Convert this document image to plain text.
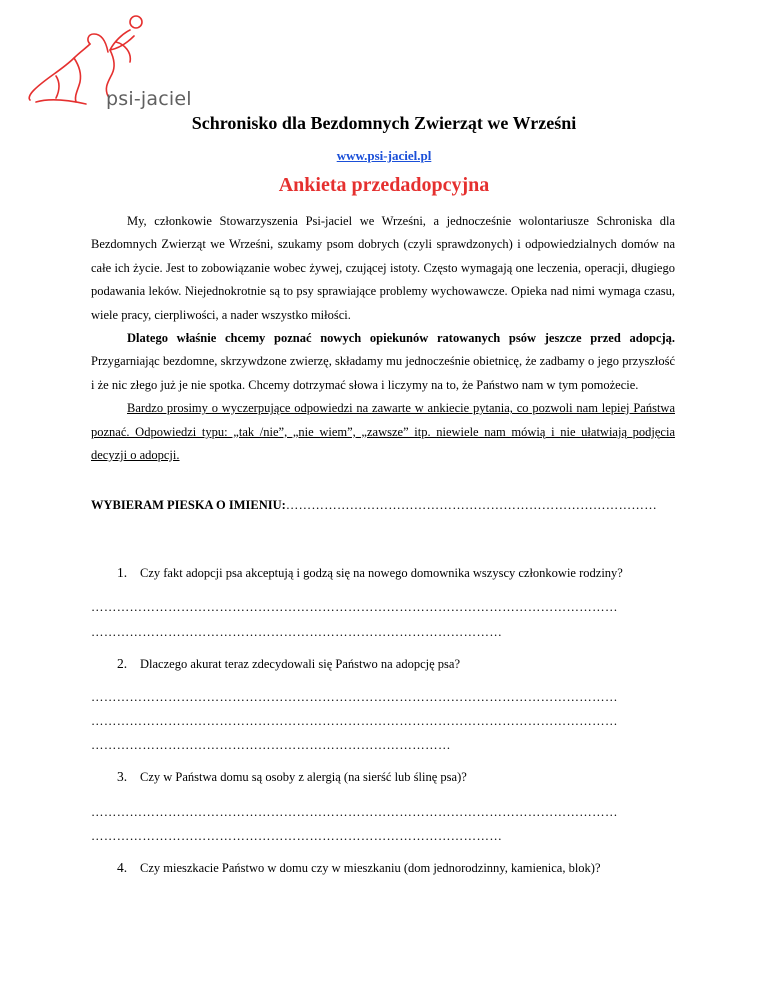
psi-jaciel
Schronisko dla Bezdomnych Zwierząt we Wrześni
www.psi-jaciel.pl
Ankieta przedadopcyjna

My, członkowie Stowarzyszenia Psi-jaciel we Wrześni, a jednocześnie wolontariusze Schroniska dla Bezdomnych Zwierząt we Wrześni, szukamy psom dobrych (czyli sprawdzonych) i odpowiedzialnych domów na całe ich życie. Jest to zobowiązanie wobec żywej, czującej istoty. Często wymagają one leczenia, operacji, długiego podawania leków. Niejednokrotnie są to psy sprawiające problemy wychowawcze. Opieka nad nimi wymaga czasu, wiele pracy, cierpliwości, a nader wszystko miłości.

Dlatego właśnie chcemy poznać nowych opiekunów ratowanych psów jeszcze przed adopcją. Przygarniając bezdomne, skrzywdzone zwierzę, składamy mu jednocześnie obietnicę, że zadbamy o jego przyszłość i że nic złego już je nie spotka. Chcemy dotrzymać słowa i liczymy na to, że Państwo nam w tym pomożecie.

Bardzo prosimy o wyczerpujące odpowiedzi na zawarte w ankiecie pytania, co pozwoli nam lepiej Państwa poznać. Odpowiedzi typu: „tak /nie”, „nie wiem”, „zawsze” itp. niewiele nam mówią i nie ułatwiają podjęcia decyzji o adopcji.

WYBIERAM PIESKA O IMIENIU:……………………………………………………………………………
1. Czy fakt adopcji psa akceptują i godzą się na nowego domownika wszyscy członkowie rodziny?
……………………………………………………………………………………………………………
……………………………………………………………………………………
2. Dlaczego akurat teraz zdecydowali się Państwo na adopcję psa?
……………………………………………………………………………………………………………
……………………………………………………………………………………………………………
…………………………………………………………………………
3. Czy w Państwa domu są osoby z alergią (na sierść lub ślinę psa)?
……………………………………………………………………………………………………………
……………………………………………………………………………………
4. Czy mieszkacie Państwo w domu czy w mieszkaniu (dom jednorodzinny, kamienica, blok)?
